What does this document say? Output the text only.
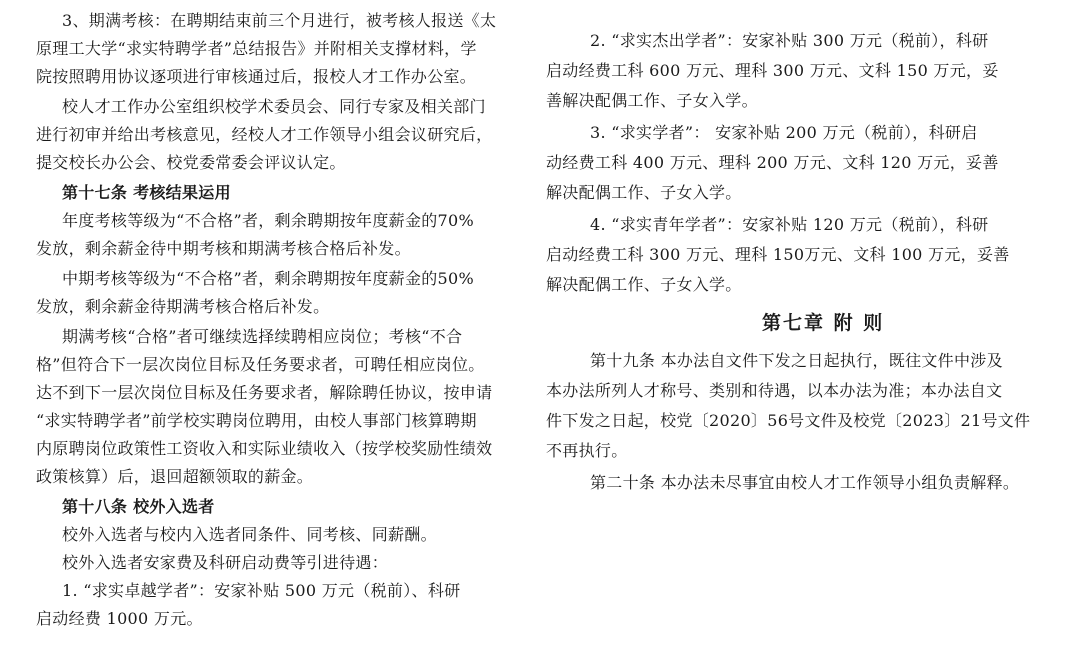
3、期满考核：在聘期结束前三个月进行，被考核人报送《太
原理工大学“求实特聘学者”总结报告》并附相关支撑材料，学
院按照聘用协议逐项进行审核通过后，报校人才工作办公室。
校人才工作办公室组织校学术委员会、同行专家及相关部门
进行初审并给出考核意见，经校人才工作领导小组会议研究后，
提交校长办公会、校党委常委会评议认定。
第十七条 考核结果运用
年度考核等级为“不合格”者，剩余聘期按年度薪金的70%
发放，剩余薪金待中期考核和期满考核合格后补发。
中期考核等级为“不合格”者，剩余聘期按年度薪金的50%
发放，剩余薪金待期满考核合格后补发。
期满考核“合格”者可继续选择续聘相应岗位；考核“不合
格”但符合下一层次岗位目标及任务要求者，可聘任相应岗位。
达不到下一层次岗位目标及任务要求者，解除聘任协议，按申请
“求实特聘学者”前学校实聘岗位聘用，由校人事部门核算聘期
内原聘岗位政策性工资收入和实际业绩收入（按学校奖励性绩效
政策核算）后，退回超额领取的薪金。
2. “求实杰出学者”：安家补贴 300 万元（税前），科研
启动经费工科 600 万元、理科 300 万元、文科 150 万元，妥
善解决配偶工作、子女入学。
3. “求实学者”： 安家补贴 200 万元（税前），科研启
动经费工科 400 万元、理科 200 万元、文科 120 万元，妥善
解决配偶工作、子女入学。
4. “求实青年学者”：安家补贴 120 万元（税前），科研
启动经费工科 300 万元、理科 150万元、文科 100 万元，妥善
解决配偶工作、子女入学。
第七章 附 则
第十九条 本办法自文件下发之日起执行，既往文件中涉及
本办法所列人才称号、类别和待遇，以本办法为准；本办法自文
件下发之日起，校党〔2020〕56号文件及校党〔2023〕21号文件
不再执行。
第二十条 本办法未尽事宜由校人才工作领导小组负责解释。
第十八条 校外入选者
校外入选者与校内入选者同条件、同考核、同薪酬。
校外入选者安家费及科研启动费等引进待遇：
1. “求实卓越学者”：安家补贴 500 万元（税前）、科研
启动经费 1000 万元。
